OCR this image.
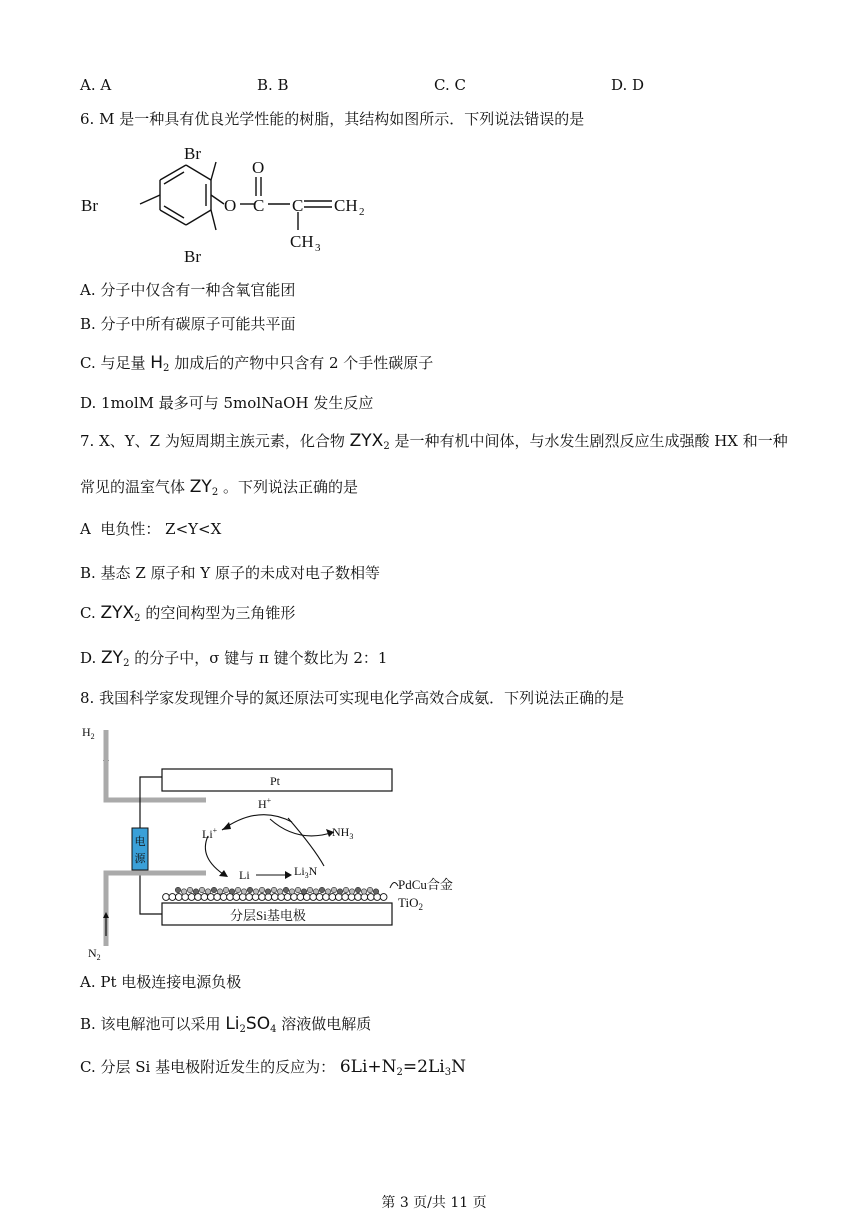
A. A	B. B	C. C	D. D
6. M 是一种具有优良光学性能的树脂，其结构如图所示．下列说法错误的是
Br
Br
Br
O
O
C C CH 2
CH 3
A. 分子中仅含有一种含氧官能团
B. 分子中所有碳原子可能共平面
C. 与足量 $H_2$ 加成后的产物中只含有 2 个手性碳原子
D. 1molM 最多可与 5molNaOH 发生反应
7. X、Y、Z 为短周期主族元素，化合物 $ZYX_2$ 是一种有机中间体，与水发生剧烈反应生成强酸 HX 和一种
常见的温室气体 $ZY_2$ 。下列说法正确的是
A 电负性： Z<Y<X
B. 基态 Z 原子和 Y 原子的未成对电子数相等
C. $ZYX_2$ 的空间构型为三角锥形
D. $ZY_2$ 的分子中，σ 键与 π 键个数比为 2：1
8. 我国科学家发现锂介导的氮还原法可实现电化学高效合成氨．下列说法正确的是
$H_2$
Pt
电
源
$N_2$
H+
Li+	$NH_3$
Li	$Li_3N$
分层Si基电极
PdCu合金
TiO$_2$
A. Pt 电极连接电源负极
B. 该电解池可以采用 $Li_2SO_4$ 溶液做电解质
C. 分层 Si 基电极附近发生的反应为： $6Li+N_2=2Li_3N$
第 3 页/共 11 页
